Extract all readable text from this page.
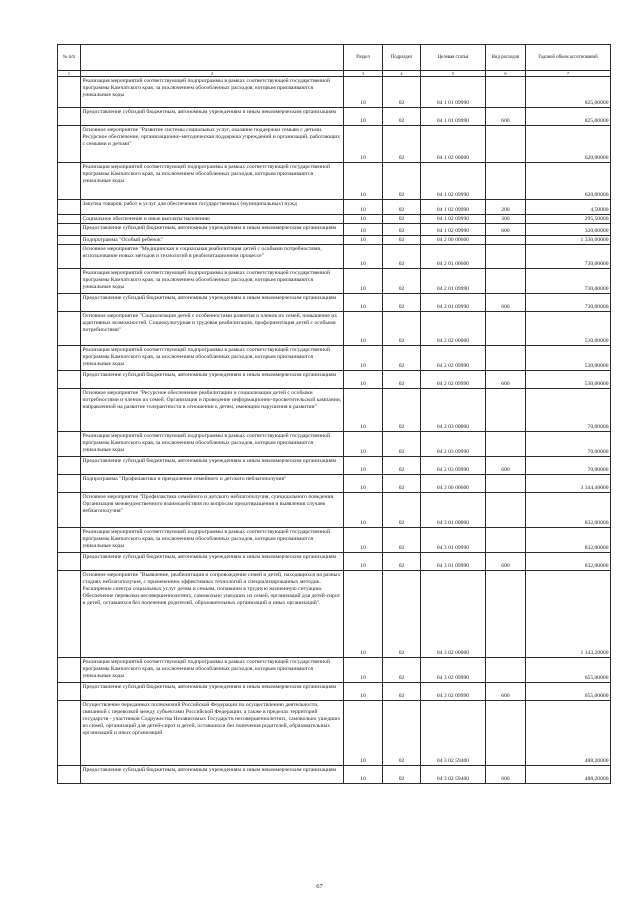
№ п/п		Раздел	Подраздел	Целевая статья	Вид расходов	Годовой объем ассигнований
1	2	3	4	5	6	7
	Реализация мероприятий соответствующей подпрограммы в рамках соответствующей государственной программы Камчатского края, за исключением обособленных расходов, которым присваиваются уникальные коды	10	02	04 1 01 09990		825,00000
	Предоставление субсидий бюджетным, автономным учреждениям и иным некоммерческим организациям	10	02	04 1 01 09990	600	825,00000
	Основное мероприятие "Развитие системы социальных услуг, оказание поддержки семьям с детьми. Ресурсное обеспечение, организационно-методическая поддержка учреждений и организаций, работающих с семьями и детьми"	10	02	04 1 02 00000		620,00000
	Реализация мероприятий соответствующей подпрограммы в рамках соответствующей государственной программы Камчатского края, за исключением обособленных расходов, которым присваиваются уникальные коды	10	02	04 1 02 09990		620,00000
	Закупка товаров, работ и услуг для обеспечения государственных (муниципальных) нужд	10	02	04 1 02 09990	200	4,50000
	Социальное обеспечение и иные выплаты населению	10	02	04 1 02 09990	300	295,50000
	Предоставление субсидий бюджетным, автономным учреждениям и иным некоммерческим организациям	10	02	04 1 02 09990	600	320,00000
	Подпрограмма "Особый ребенок"	10	02	04 2 00 00000		1 330,00000
	Основное мероприятие "Медицинская и социальная реабилитация детей с особыми потребностями, использование новых методов и технологий в реабилитационном процессе"	10	02	04 2 01 00000		730,00000
	Реализация мероприятий соответствующей подпрограммы в рамках соответствующей государственной программы Камчатского края, за исключением обособленных расходов, которым присваиваются уникальные коды	10	02	04 2 01 09990		730,00000
	Предоставление субсидий бюджетным, автономным учреждениям и иным некоммерческим организациям	10	02	04 2 01 09990	600	730,00000
	Основное мероприятие "Социализация детей с особенностями развития и членов их семей, повышение их адаптивных возможностей. Социокультурная и трудовая реабилитация, профориентация детей с особыми потребностями"	10	02	04 2 02 00000		530,00000
	Реализация мероприятий соответствующей подпрограммы в рамках соответствующей государственной программы Камчатского края, за исключением обособленных расходов, которым присваиваются уникальные коды	10	02	04 2 02 09990		530,00000
	Предоставление субсидий бюджетным, автономным учреждениям и иным некоммерческим организациям	10	02	04 2 02 09990	600	530,00000
	Основное мероприятие "Ресурсное обеспечение реабилитации и социализации детей с особыми потребностями и членов их семей. Организация и проведение информационно-просветительской кампании, направленной на развитие толерантности в отношении к детям, имеющим нарушения в развитии"	10	02	04 2 03 00000		70,00000
	Реализация мероприятий соответствующей подпрограммы в рамках соответствующей государственной программы Камчатского края, за исключением обособленных расходов, которым присваиваются уникальные коды	10	02	04 2 03 09990		70,00000
	Предоставление субсидий бюджетным, автономным учреждениям и иным некоммерческим организациям	10	02	04 2 03 09990	600	70,00000
	Подпрограмма "Профилактика и преодоление семейного и детского неблагополучия"	10	02	04 3 00 00000		3 344,40000
	Основное мероприятие "Профилактика семейного и детского неблагополучия, суицидального поведения. Организация межведомственного взаимодействия по вопросам предотвращения и выявления случаев неблагополучия"	10	02	04 3 01 00000		832,00000
	Реализация мероприятий соответствующей подпрограммы в рамках соответствующей государственной программы Камчатского края, за исключением обособленных расходов, которым присваиваются уникальные коды	10	02	04 3 01 09990		832,00000
	Предоставление субсидий бюджетным, автономным учреждениям и иным некоммерческим организациям	10	02	04 3 01 09990	600	832,00000
	Основное мероприятие "Выявление, реабилитация и сопровождение семей и детей, находящихся на разных стадиях неблагополучия, с применением эффективных технологий и специализированных методик. Расширение спектра социальных услуг детям и семьям, попавшим в трудную жизненную ситуацию. Обеспечение перевозки несовершеннолетних, самовольно ушедших из семей, организаций для детей-сирот и детей, оставшихся без попечения родителей, образовательных организаций и иных организаций".	10	02	04 3 02 00000		1 143,20000
	Реализация мероприятий соответствующей подпрограммы в рамках соответствующей государственной программы Камчатского края, за исключением обособленных расходов, которым присваиваются уникальные коды	10	02	04 3 02 09990		655,00000
	Предоставление субсидий бюджетным, автономным учреждениям и иным некоммерческим организациям	10	02	04 3 02 09990	600	655,00000
	Осуществление переданных полномочий Российской Федерации по осуществлению деятельности, связанной с перевозкой между субъектами Российской Федерации, а также в пределах территорий государств - участников Содружества Независимых Государств несовершеннолетних, самовольно ушедших из семей, организаций для детей-сирот и детей, оставшихся без попечения родителей, образовательных организаций и иных организаций	10	02	04 3 02 59400		488,20000
	Предоставление субсидий бюджетным, автономным учреждениям и иным некоммерческим организациям	10	02	04 3 02 59400	600	488,20000
67
